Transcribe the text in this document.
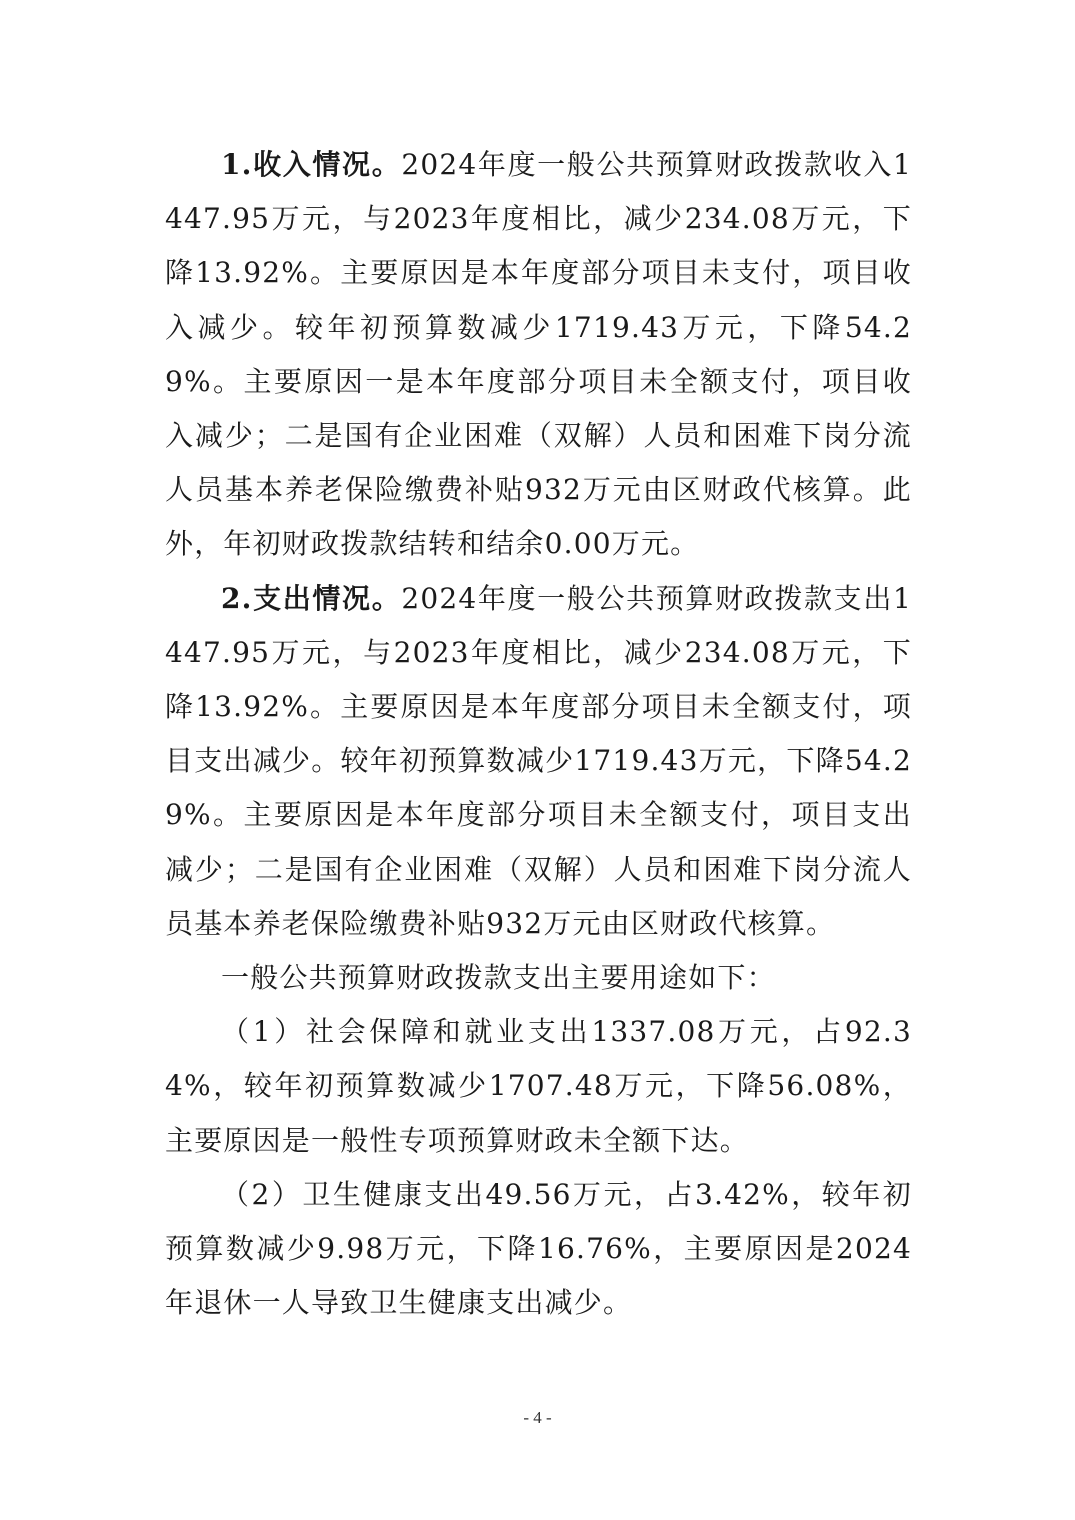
1.收入情况。2024年度一般公共预算财政拨款收入1447.95万元，与2023年度相比，减少234.08万元，下降13.92%。主要原因是本年度部分项目未支付，项目收入减少。较年初预算数减少1719.43万元，下降54.29%。主要原因一是本年度部分项目未全额支付，项目收入减少；二是国有企业困难（双解）人员和困难下岗分流人员基本养老保险缴费补贴932万元由区财政代核算。此外，年初财政拨款结转和结余0.00万元。

2.支出情况。2024年度一般公共预算财政拨款支出1447.95万元，与2023年度相比，减少234.08万元，下降13.92%。主要原因是本年度部分项目未全额支付，项目支出减少。较年初预算数减少1719.43万元，下降54.29%。主要原因是本年度部分项目未全额支付，项目支出减少；二是国有企业困难（双解）人员和困难下岗分流人员基本养老保险缴费补贴932万元由区财政代核算。

一般公共预算财政拨款支出主要用途如下：

（1）社会保障和就业支出1337.08万元，占92.34%，较年初预算数减少1707.48万元，下降56.08%，主要原因是一般性专项预算财政未全额下达。

（2）卫生健康支出49.56万元，占3.42%，较年初预算数减少9.98万元，下降16.76%，主要原因是2024年退休一人导致卫生健康支出减少。

- 4 -
